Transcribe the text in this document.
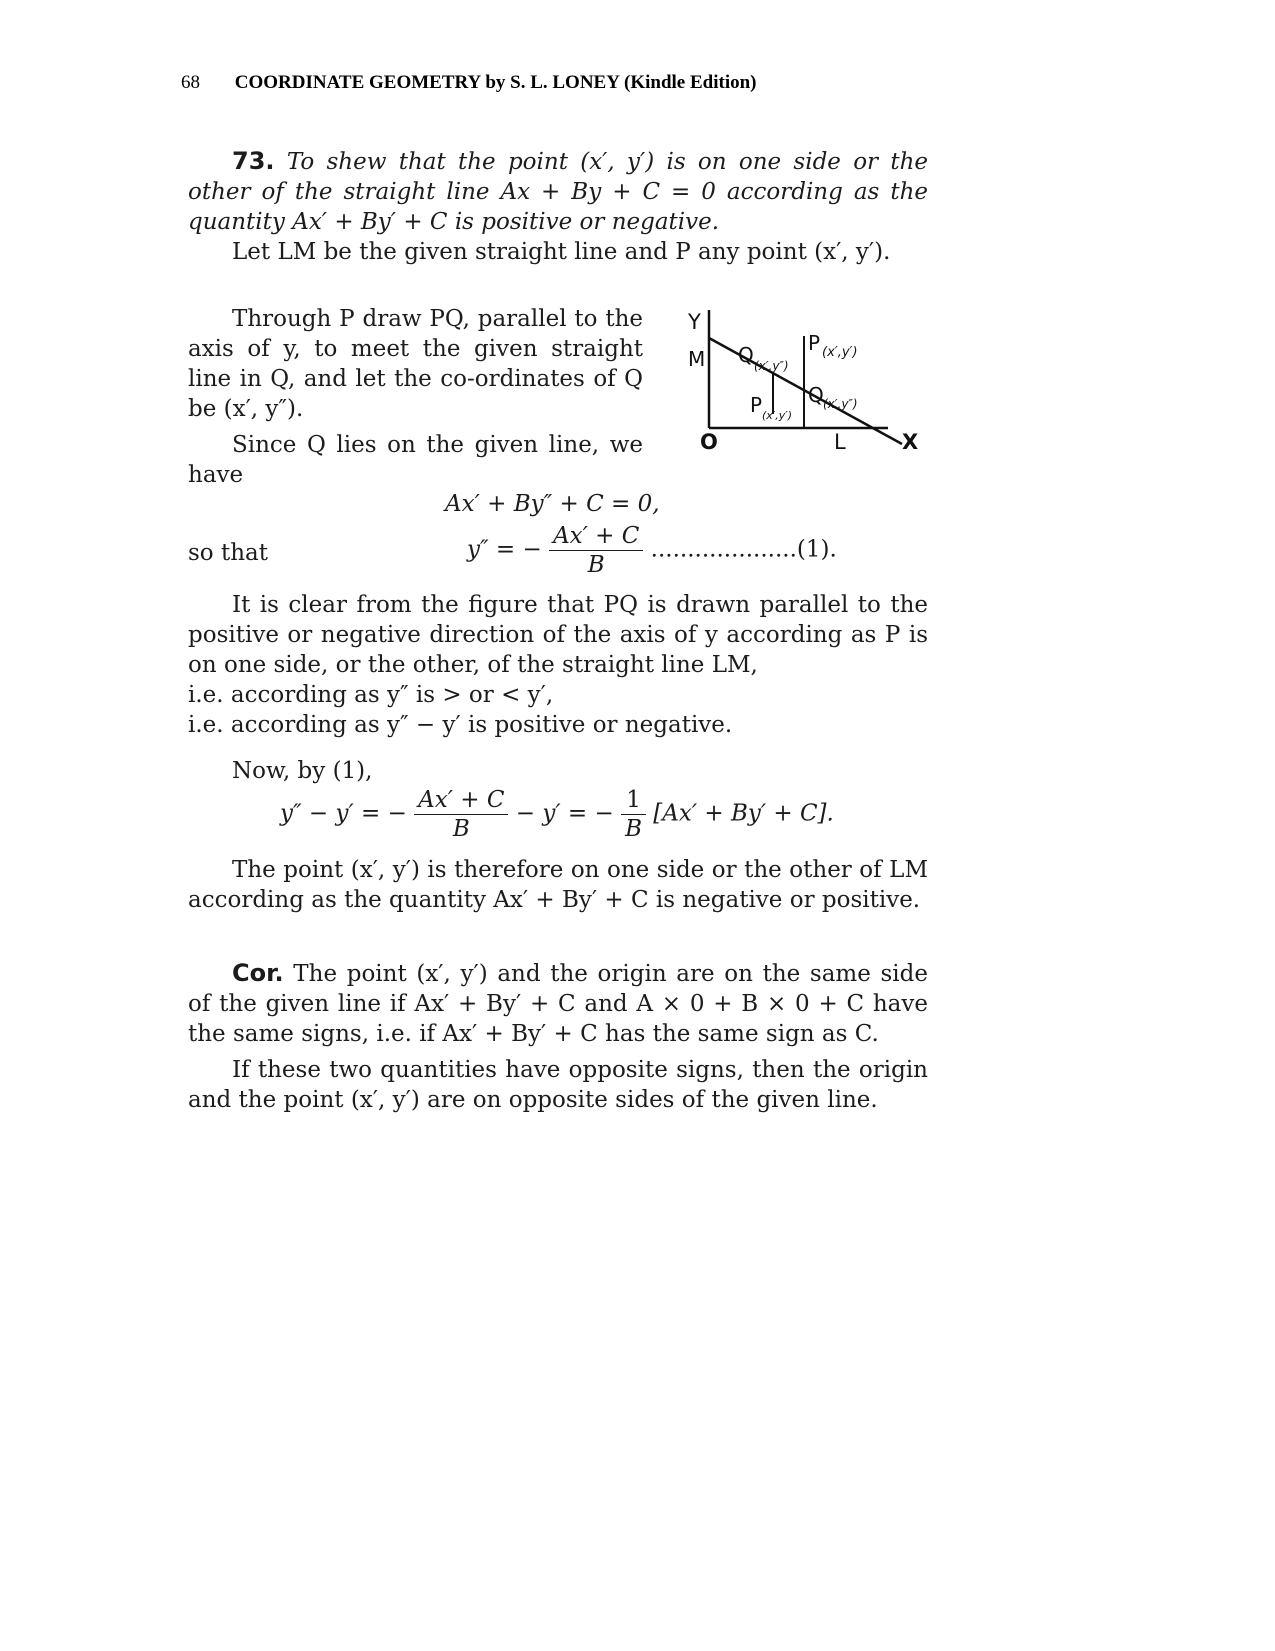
68 COORDINATE GEOMETRY by S. L. LONEY (Kindle Edition)

73. To shew that the point (x′, y′) is on one side or the other of the straight line Ax + By + C = 0 according as the quantity Ax′ + By′ + C is positive or negative.

Let LM be the given straight line and P any point (x′, y′).

Through P draw PQ, parallel to the axis of y, to meet the given straight line in Q, and let the co-ordinates of Q be (x′, y″).

Since Q lies on the given line, we have

Y
M
O	L	X
Q (x′,y″)
P (x′,y′)
Q (x′,y″)
P (x′,y′)
Ax′ + By″ + C = 0,
so that	y″ = − $\frac{Ax' + C}{B} ....................(1)$.

It is clear from the figure that PQ is drawn parallel to the positive or negative direction of the axis of y according as P is on one side, or the other, of the straight line LM,

i.e. according as y″ is > or < y′,

i.e. according as y″ − y′ is positive or negative.

Now, by (1),

y″ − y′ = − $\frac{Ax' + C}{B} - y'$ = − $\frac{1}{B} [Ax' + By' + C]$.

The point (x′, y′) is therefore on one side or the other of LM according as the quantity Ax′ + By′ + C is negative or positive.

Cor. The point (x′, y′) and the origin are on the same side of the given line if Ax′ + By′ + C and A × 0 + B × 0 + C have the same signs, i.e. if Ax′ + By′ + C has the same sign as C.

If these two quantities have opposite signs, then the origin and the point (x′, y′) are on opposite sides of the given line.
